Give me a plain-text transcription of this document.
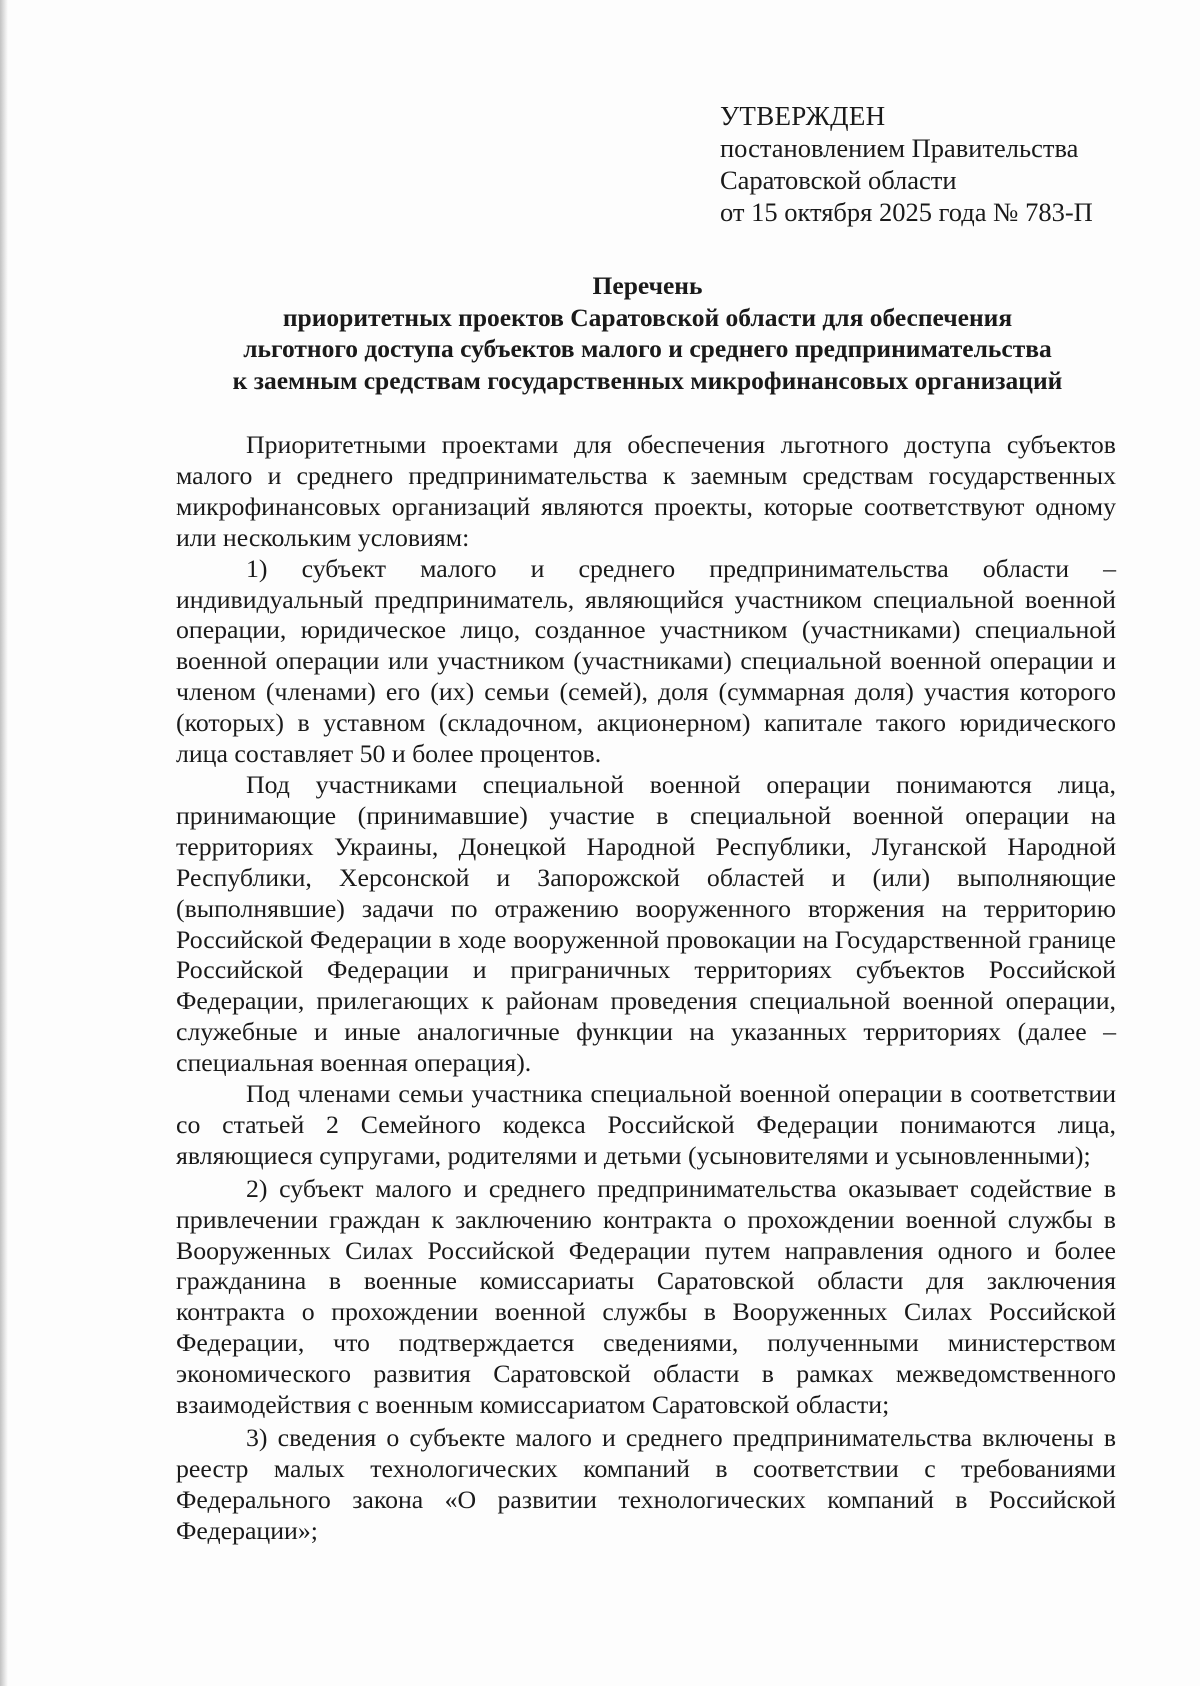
УТВЕРЖДЕН
постановлением Правительства
Саратовской области
от 15 октября 2025 года № 783-П
Перечень
приоритетных проектов Саратовской области для обеспечения
льготного доступа субъектов малого и среднего предпринимательства
к заемным средствам государственных микрофинансовых организаций

Приоритетными проектами для обеспечения льготного доступа субъектов малого и среднего предпринимательства к заемным средствам государственных микрофинансовых организаций являются проекты, которые соответствуют одному или нескольким условиям:

1) субъект малого и среднего предпринимательства области – индивидуальный предприниматель, являющийся участником специальной военной операции, юридическое лицо, созданное участником (участниками) специальной военной операции или участником (участниками) специальной военной операции и членом (членами) его (их) семьи (семей), доля (суммарная доля) участия которого (которых) в уставном (складочном, акционерном) капитале такого юридического лица составляет 50 и более процентов.

Под участниками специальной военной операции понимаются лица, принимающие (принимавшие) участие в специальной военной операции на территориях Украины, Донецкой Народной Республики, Луганской Народной Республики, Херсонской и Запорожской областей и (или) выполняющие (выполнявшие) задачи по отражению вооруженного вторжения на территорию Российской Федерации в ходе вооруженной провокации на Государственной границе Российской Федерации и приграничных территориях субъектов Российской Федерации, прилегающих к районам проведения специальной военной операции, служебные и иные аналогичные функции на указанных территориях (далее – специальная военная операция).

Под членами семьи участника специальной военной операции в соответствии со статьей 2 Семейного кодекса Российской Федерации понимаются лица, являющиеся супругами, родителями и детьми (усыновителями и усыновленными);

2) субъект малого и среднего предпринимательства оказывает содействие в привлечении граждан к заключению контракта о прохождении военной службы в Вооруженных Силах Российской Федерации путем направления одного и более гражданина в военные комиссариаты Саратовской области для заключения контракта о прохождении военной службы в Вооруженных Силах Российской Федерации, что подтверждается сведениями, полученными министерством экономического развития Саратовской области в рамках межведомственного взаимодействия с военным комиссариатом Саратовской области;

3) сведения о субъекте малого и среднего предпринимательства включены в реестр малых технологических компаний в соответствии с требованиями Федерального закона «О развитии технологических компаний в Российской Федерации»;
